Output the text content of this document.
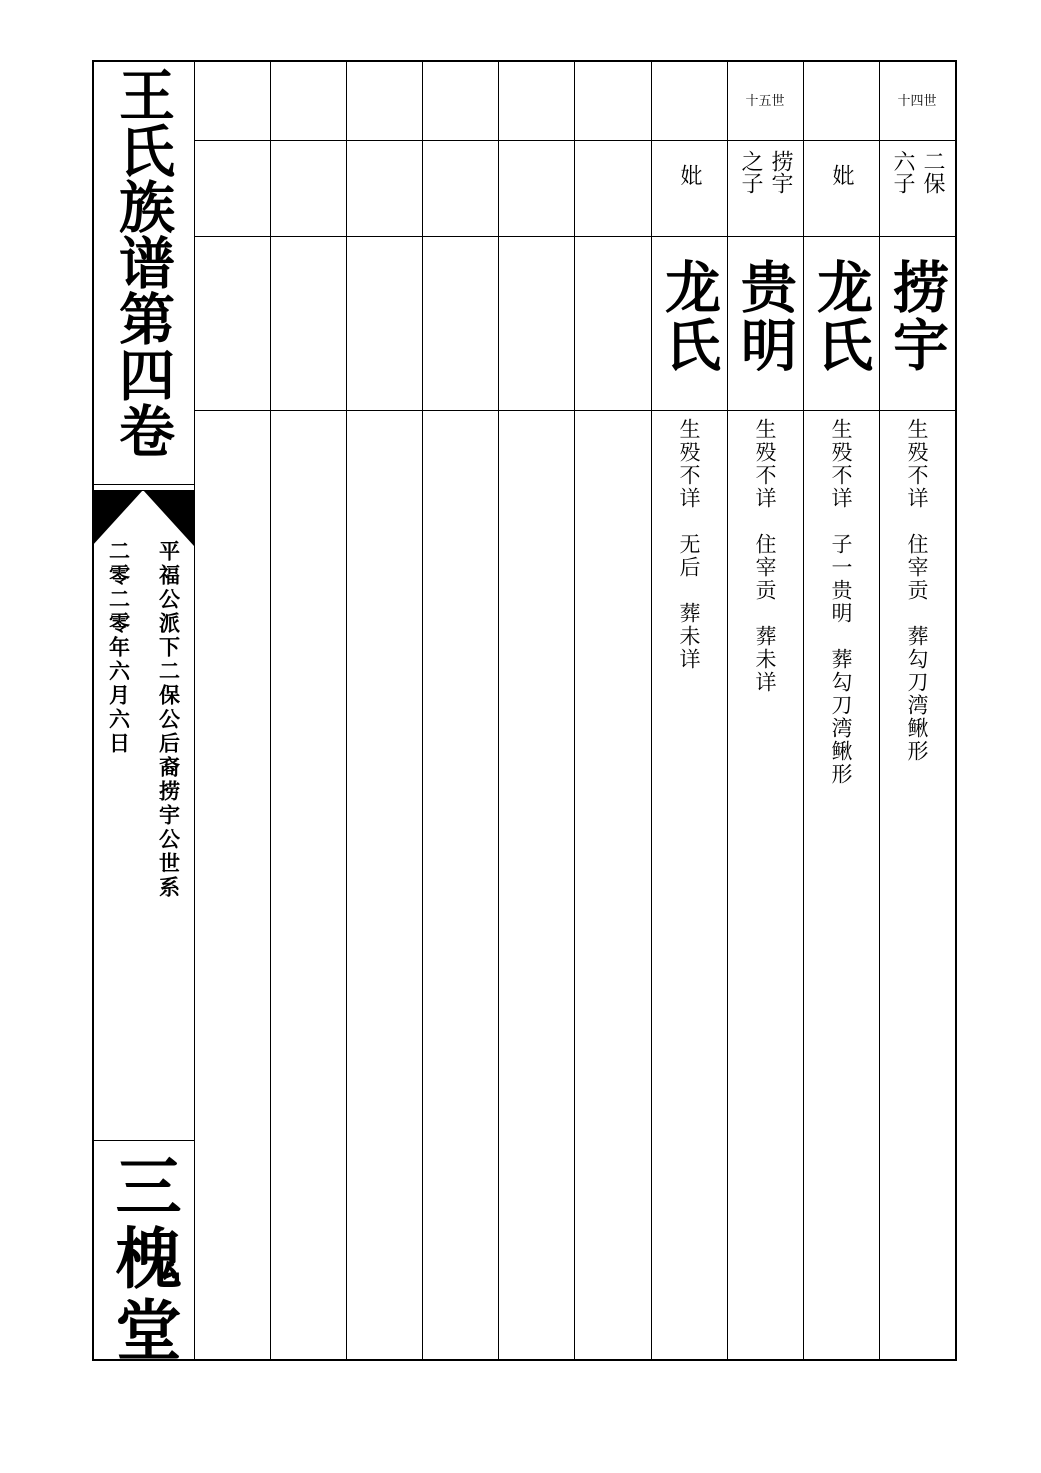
王氏族谱第四卷
平福公派下二保公后裔捞宇公世系
二零二零年六月六日
三槐堂
十四世
二保
六子
捞宇
生殁不详　住宰贡　葬勾刀湾鳅形
妣
龙氏
生殁不详　子一贵明　葬勾刀湾鳅形
十五世
捞宇
之子
贵明
生殁不详　住宰贡　葬未详
妣
龙氏
生殁不详　无后　葬未详
